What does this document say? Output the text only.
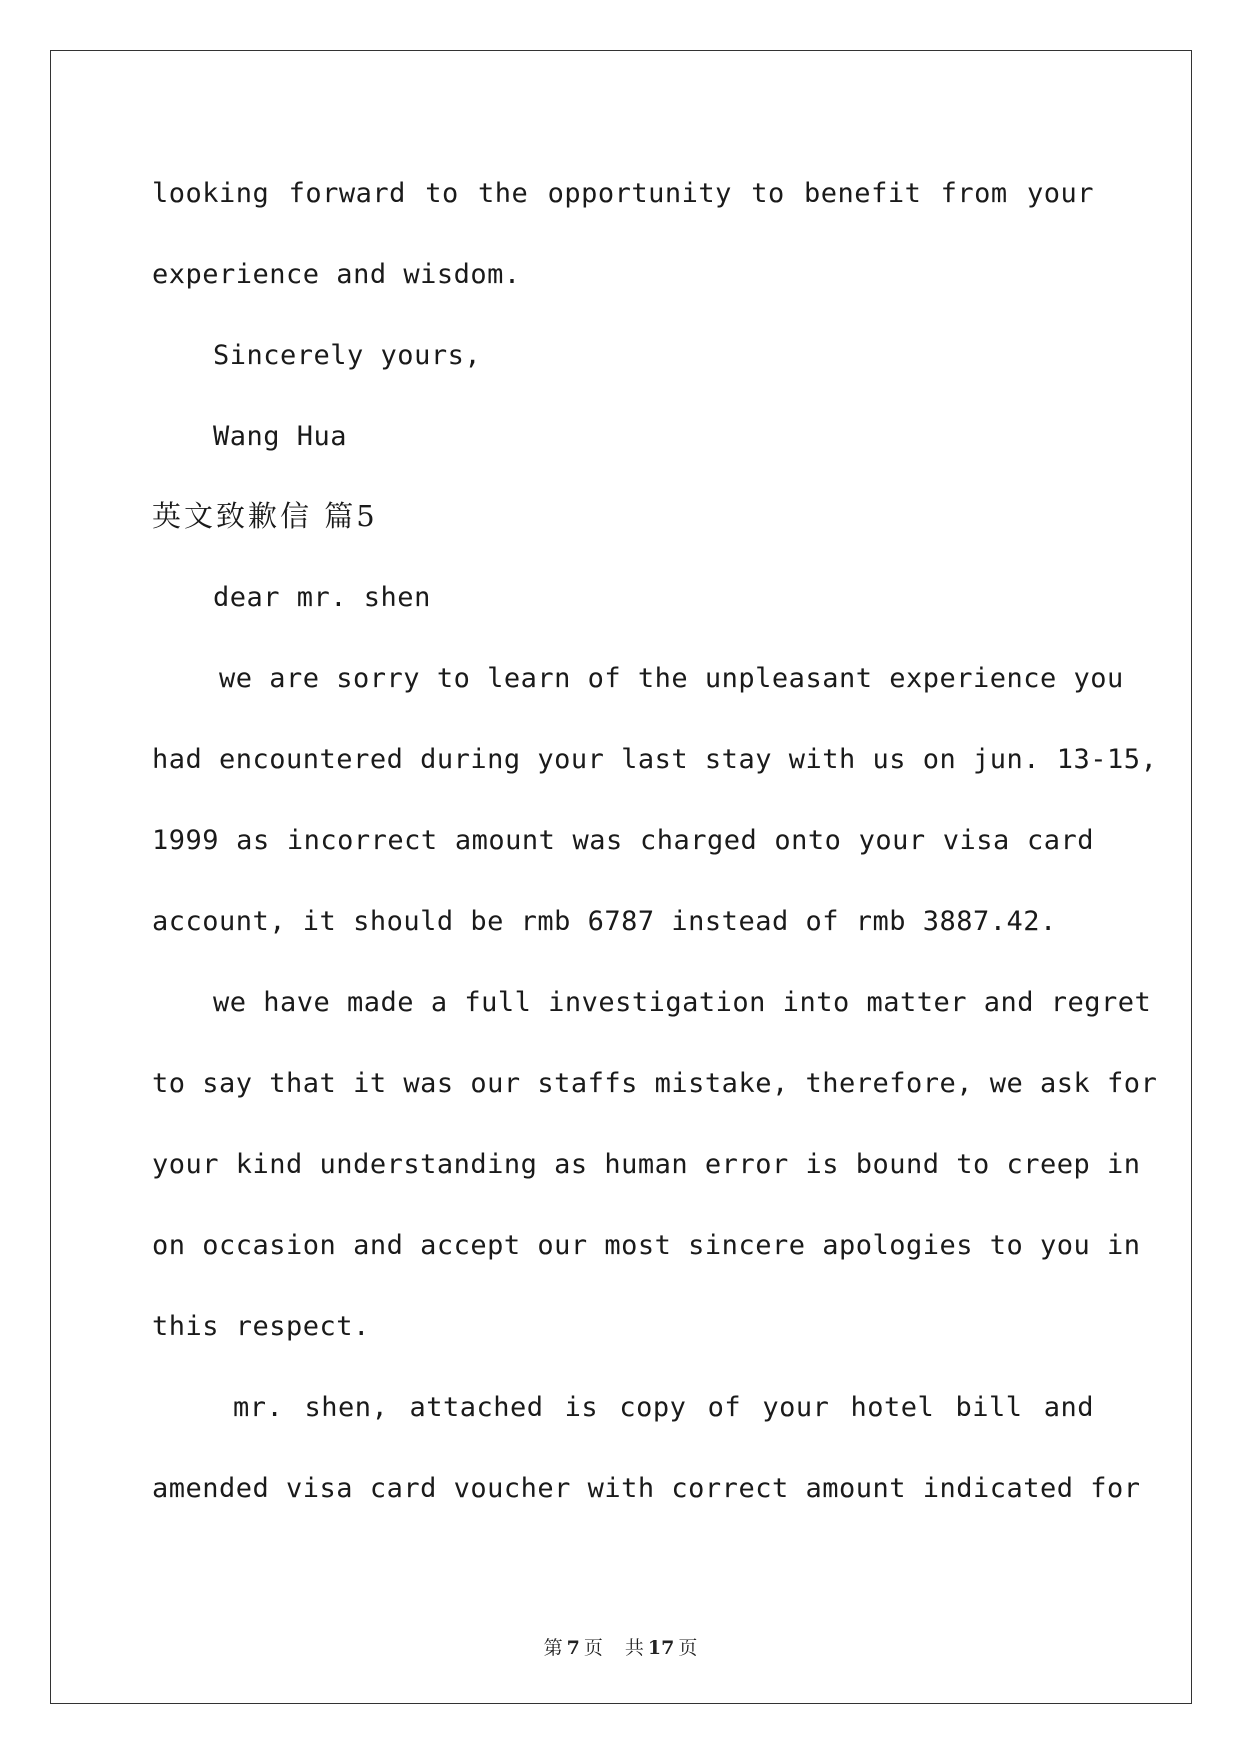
looking forward to the opportunity to benefit from your
experience and wisdom.
Sincerely yours,
Wang Hua
英文致歉信 篇5
dear mr. shen
we are sorry to learn of the unpleasant experience you
had encountered during your last stay with us on jun. 13-15,
1999 as incorrect amount was charged onto your visa card
account, it should be rmb 6787 instead of rmb 3887.42.
we have made a full investigation into matter and regret
to say that it was our staffs mistake, therefore, we ask for
your kind understanding as human error is bound to creep in
on occasion and accept our most sincere apologies to you in
this respect.
mr. shen, attached is copy of your hotel bill and
amended visa card voucher with correct amount indicated for
第 7 页 共 17 页
